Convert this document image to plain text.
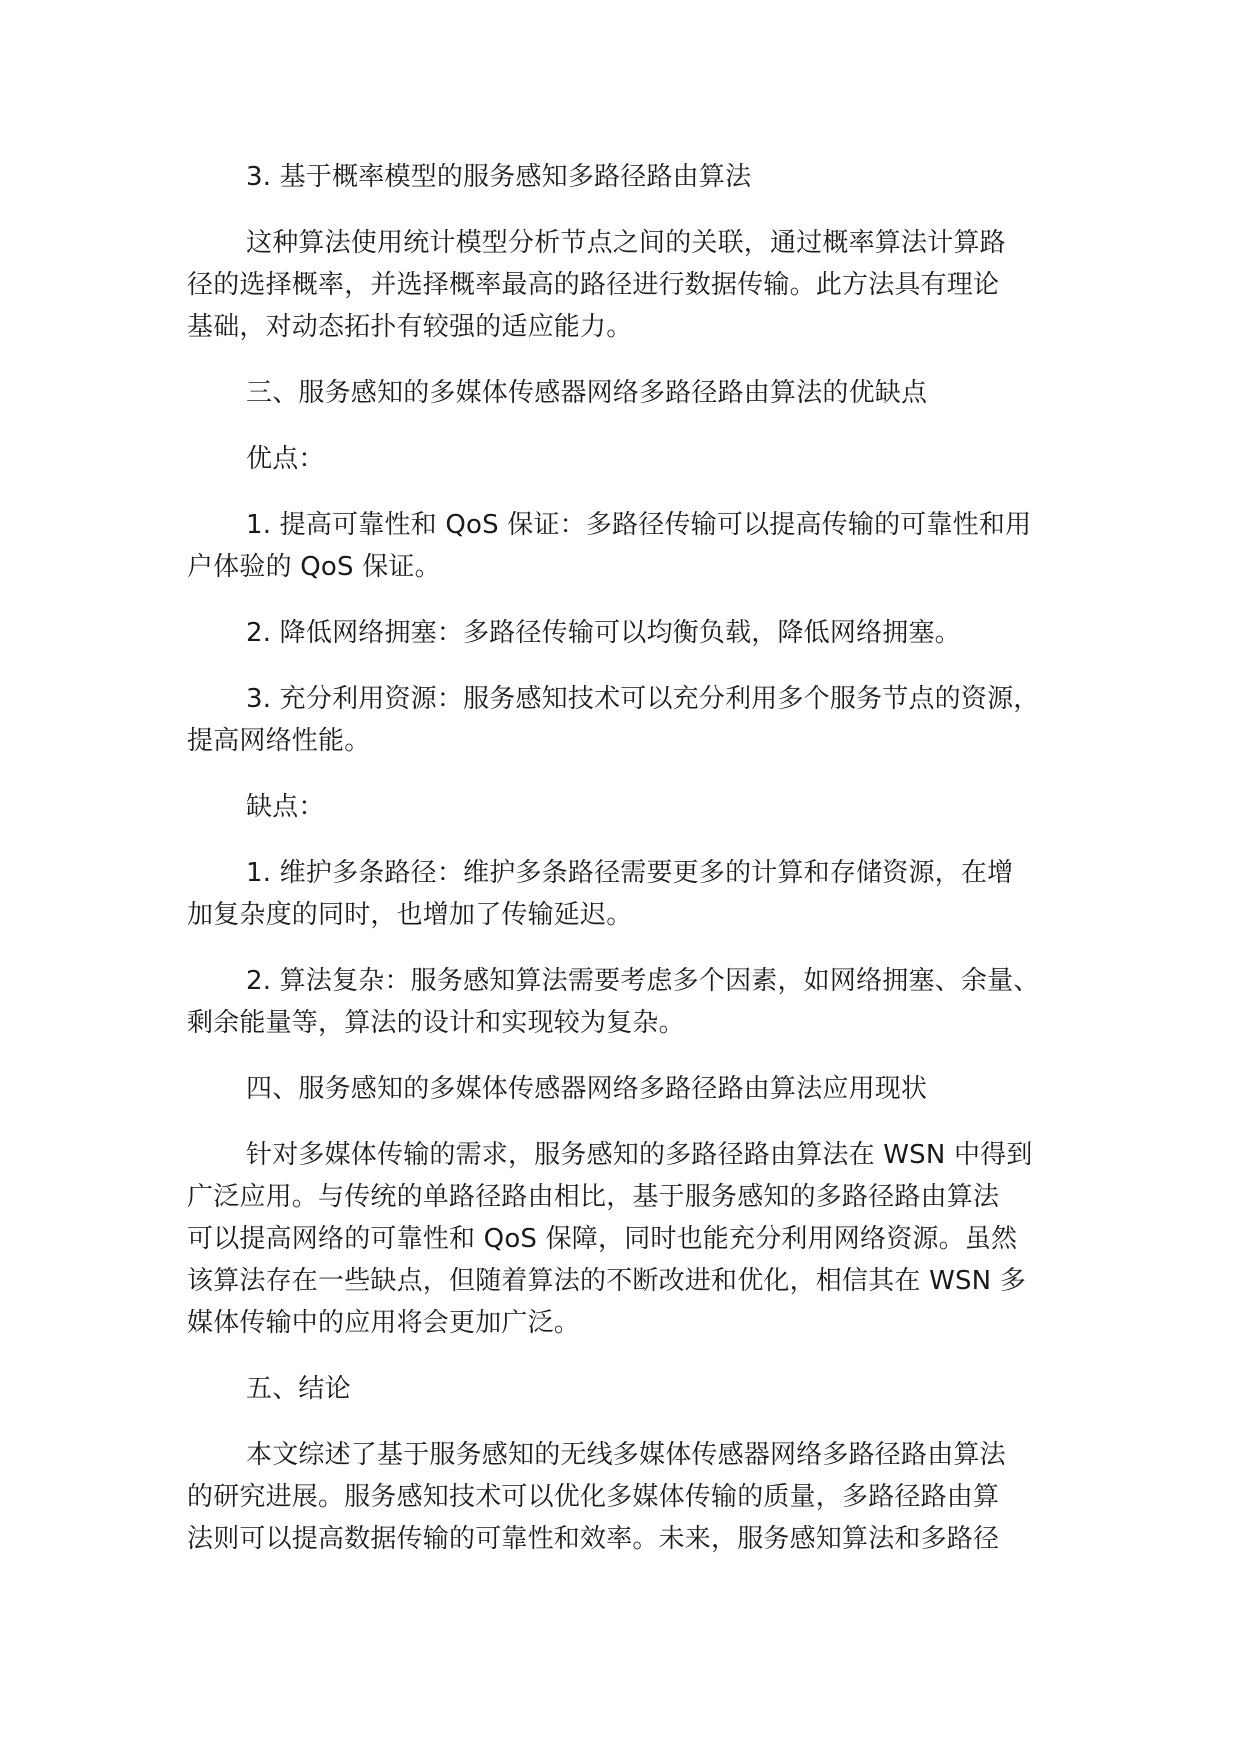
3. 基于概率模型的服务感知多路径路由算法
这种算法使用统计模型分析节点之间的关联，通过概率算法计算路
径的选择概率，并选择概率最高的路径进行数据传输。此方法具有理论
基础，对动态拓扑有较强的适应能力。
三、服务感知的多媒体传感器网络多路径路由算法的优缺点
优点：
1. 提高可靠性和 QoS 保证：多路径传输可以提高传输的可靠性和用
户体验的 QoS 保证。
2. 降低网络拥塞：多路径传输可以均衡负载，降低网络拥塞。
3. 充分利用资源：服务感知技术可以充分利用多个服务节点的资源，
提高网络性能。
缺点：
1. 维护多条路径：维护多条路径需要更多的计算和存储资源，在增
加复杂度的同时，也增加了传输延迟。
2. 算法复杂：服务感知算法需要考虑多个因素，如网络拥塞、余量、
剩余能量等，算法的设计和实现较为复杂。
四、服务感知的多媒体传感器网络多路径路由算法应用现状
针对多媒体传输的需求，服务感知的多路径路由算法在 WSN 中得到
广泛应用。与传统的单路径路由相比，基于服务感知的多路径路由算法
可以提高网络的可靠性和 QoS 保障，同时也能充分利用网络资源。虽然
该算法存在一些缺点，但随着算法的不断改进和优化，相信其在 WSN 多
媒体传输中的应用将会更加广泛。
五、结论
本文综述了基于服务感知的无线多媒体传感器网络多路径路由算法
的研究进展。服务感知技术可以优化多媒体传输的质量，多路径路由算
法则可以提高数据传输的可靠性和效率。未来，服务感知算法和多路径
